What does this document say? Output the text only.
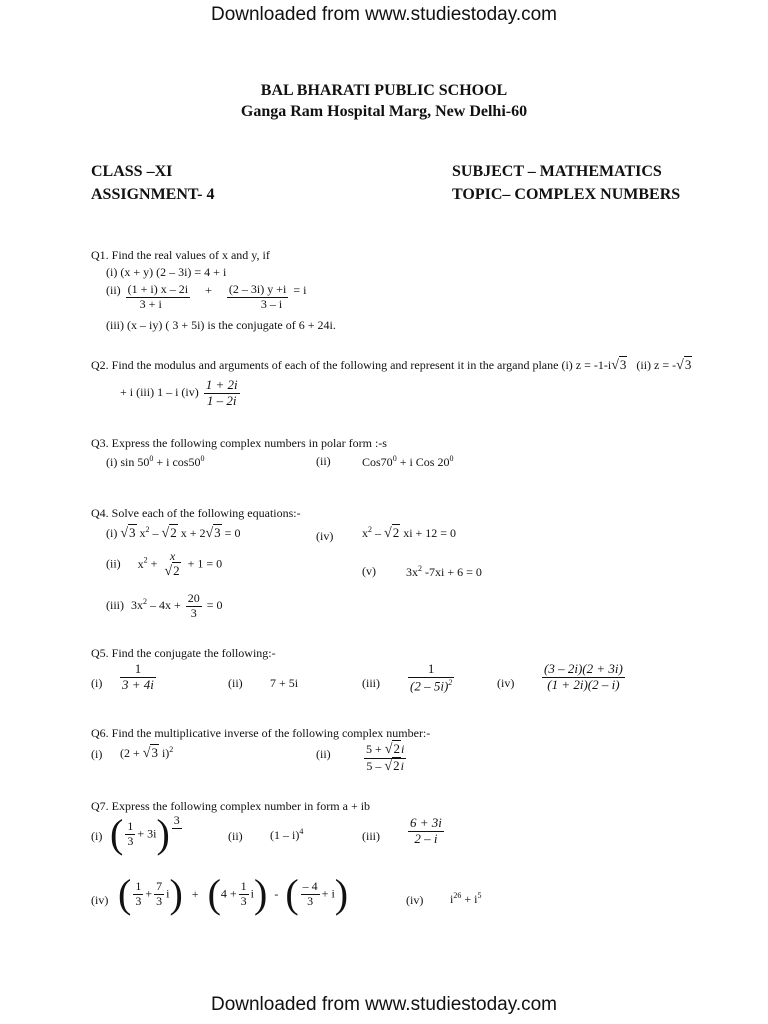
Downloaded from www.studiestoday.com
BAL BHARATI PUBLIC SCHOOL
Ganga Ram Hospital Marg, New Delhi-60
CLASS –XI
ASSIGNMENT- 4
SUBJECT – MATHEMATICS
TOPIC– COMPLEX NUMBERS
Q1. Find the real values of x and y, if
(i) (x + y) (2 – 3i) = 4 + i
$(ii) \frac{(1 + i) x - 2i}{3 + i} + \frac{(2 - 3i) y +i}{3 - i} = i$
(iii) (x – iy) ( 3 + 5i) is the conjugate of 6 + 24i.
Q2. Find the modulus and arguments of each of the following and represent it in the argand plane (i) z = -1-i√3 (ii) z = -√3
+ i (iii) 1 – i $(iv) \frac{1 + 2i}{1 - 2i}$
Q3. Express the following complex numbers in polar form :-s
(i) $\sin 50^0 + i$ $\cos 50^0$	(ii)	$Cos70^0 + i$ Cos $20^0$
Q4. Solve each of the following equations:-
(i) √3 $x^2 - √2$ x + 2√3 = 0	(iv) $x^2 - √2$ xi + 12 = 0
(ii) $x^2$ +
x
√2 + 1 = 0
(v)	$3x^2$ -7xi + 6 = 0
(iii) $3x^2 - 4x + \frac{20}{3} = 0$
Q5. Find the conjugate the following:-
$(i) \frac{1}{3 + 4i}$	(ii) 7 + 5i	$(iii) \frac{1}{(2 - 5i)^2}$	$(iv) \frac{(3 - 2i)(2 + 3i)}{(1 + 2i)(2 - i)}$
Q6. Find the multiplicative inverse of the following complex number:-
(i) (2 + √3 i)$^2$	(ii)	$\frac{5 + √2i}{5 - √2i}$
Q7. Express the following complex number in form a + ib
(i) ( $\frac{1}{3} + 3i$) 3
(ii) (1 – i)$^4$	$(iii) \frac{6 + 3i}{2 - i}$
(iv) ( $\frac{1}{3} + \frac{7}{3} i) + (4 + \frac{1}{3} i)$ - ( $\frac{- 4}{3} + i$)	(iv) $i^{26} + i^5$
Downloaded from www.studiestoday.com
